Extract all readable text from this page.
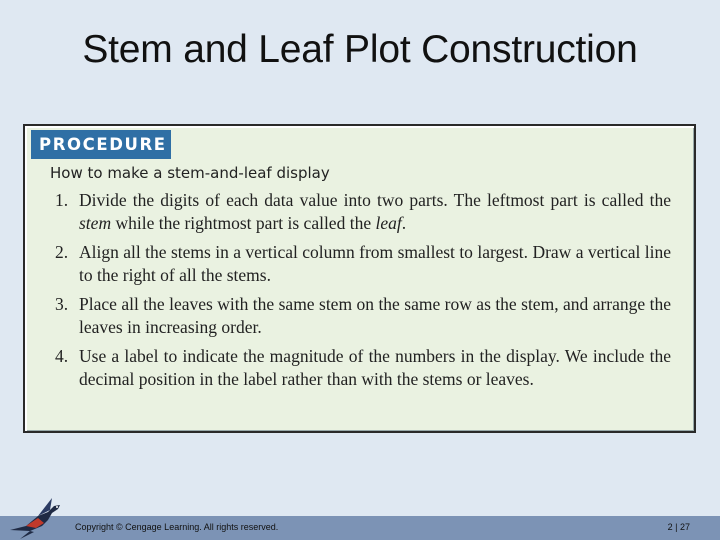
Stem and Leaf Plot Construction
PROCEDURE
How to make a stem-and-leaf display
1. Divide the digits of each data value into two parts. The leftmost part is called the stem while the rightmost part is called the leaf.
2. Align all the stems in a vertical column from smallest to largest. Draw a vertical line to the right of all the stems.
3. Place all the leaves with the same stem on the same row as the stem, and arrange the leaves in increasing order.
4. Use a label to indicate the magnitude of the numbers in the display. We include the decimal position in the label rather than with the stems or leaves.
Copyright © Cengage Learning. All rights reserved.	2 | 27
